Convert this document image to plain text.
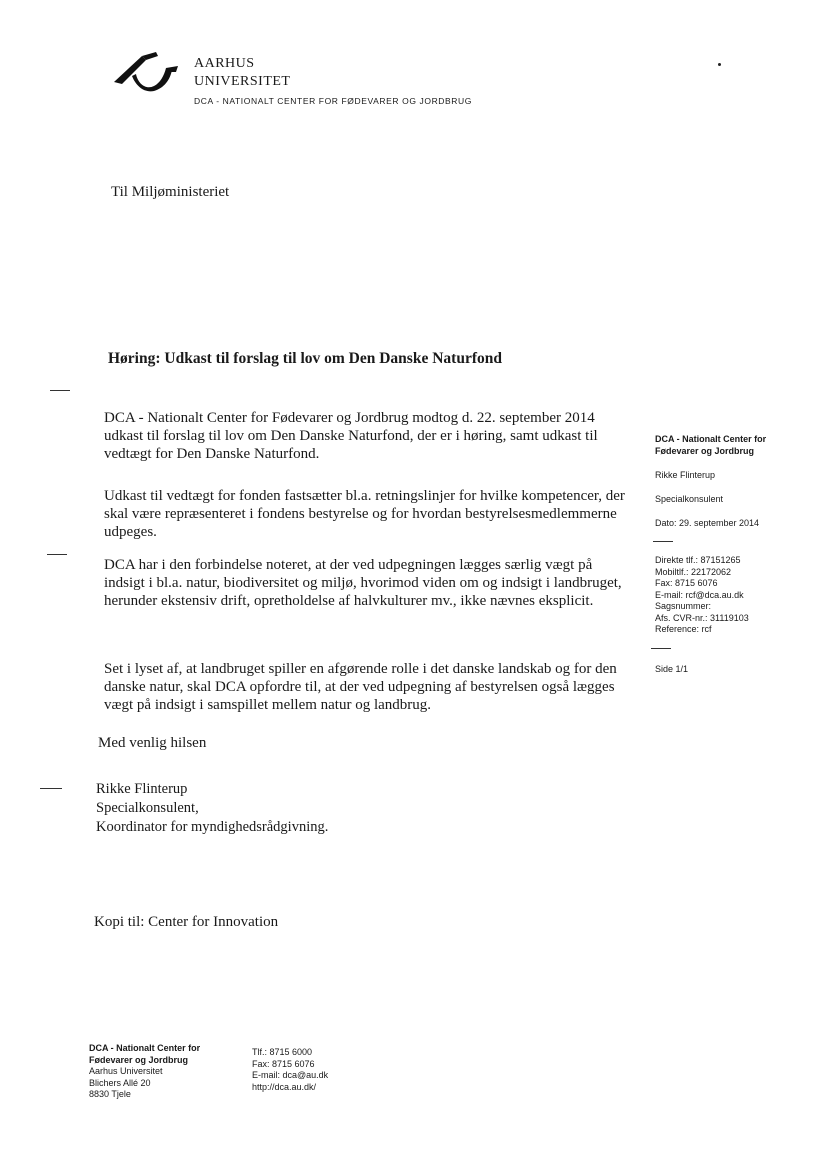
AARHUS
UNIVERSITET
DCA - NATIONALT CENTER FOR FØDEVARER OG JORDBRUG
Til Miljøministeriet
Høring: Udkast til forslag til lov om Den Danske Naturfond
DCA - Nationalt Center for Fødevarer og Jordbrug modtog d. 22. september 2014 udkast til forslag til lov om Den Danske Naturfond, der er i høring, samt udkast til vedtægt for Den Danske Naturfond.
Udkast til vedtægt for fonden fastsætter bl.a. retningslinjer for hvilke kompetencer, der skal være repræsenteret i fondens bestyrelse og for hvordan bestyrelsesmedlemmerne udpeges.
DCA har i den forbindelse noteret, at der ved udpegningen lægges særlig vægt på indsigt i bl.a. natur, biodiversitet og miljø, hvorimod viden om og indsigt i landbruget, herunder ekstensiv drift, opretholdelse af halvkulturer mv., ikke nævnes eksplicit.
Set i lyset af, at landbruget spiller en afgørende rolle i det danske landskab og for den danske natur, skal DCA opfordre til, at der ved udpegning af bestyrelsen også lægges vægt på indsigt i samspillet mellem natur og landbrug.
Med venlig hilsen
Rikke Flinterup
Specialkonsulent,
Koordinator for myndighedsrådgivning.
Kopi til: Center for Innovation
DCA - Nationalt Center for
Fødevarer og Jordbrug
Rikke Flinterup
Specialkonsulent
Dato: 29. september 2014
Direkte tlf.: 87151265
Mobiltlf.: 22172062
Fax: 8715 6076
E-mail: rcf@dca.au.dk
Sagsnummer:
Afs. CVR-nr.: 31119103
Reference: rcf
Side 1/1
DCA - Nationalt Center for
Fødevarer og Jordbrug
Aarhus Universitet
Blichers Allé 20
8830 Tjele
Tlf.: 8715 6000
Fax: 8715 6076
E-mail: dca@au.dk
http://dca.au.dk/
